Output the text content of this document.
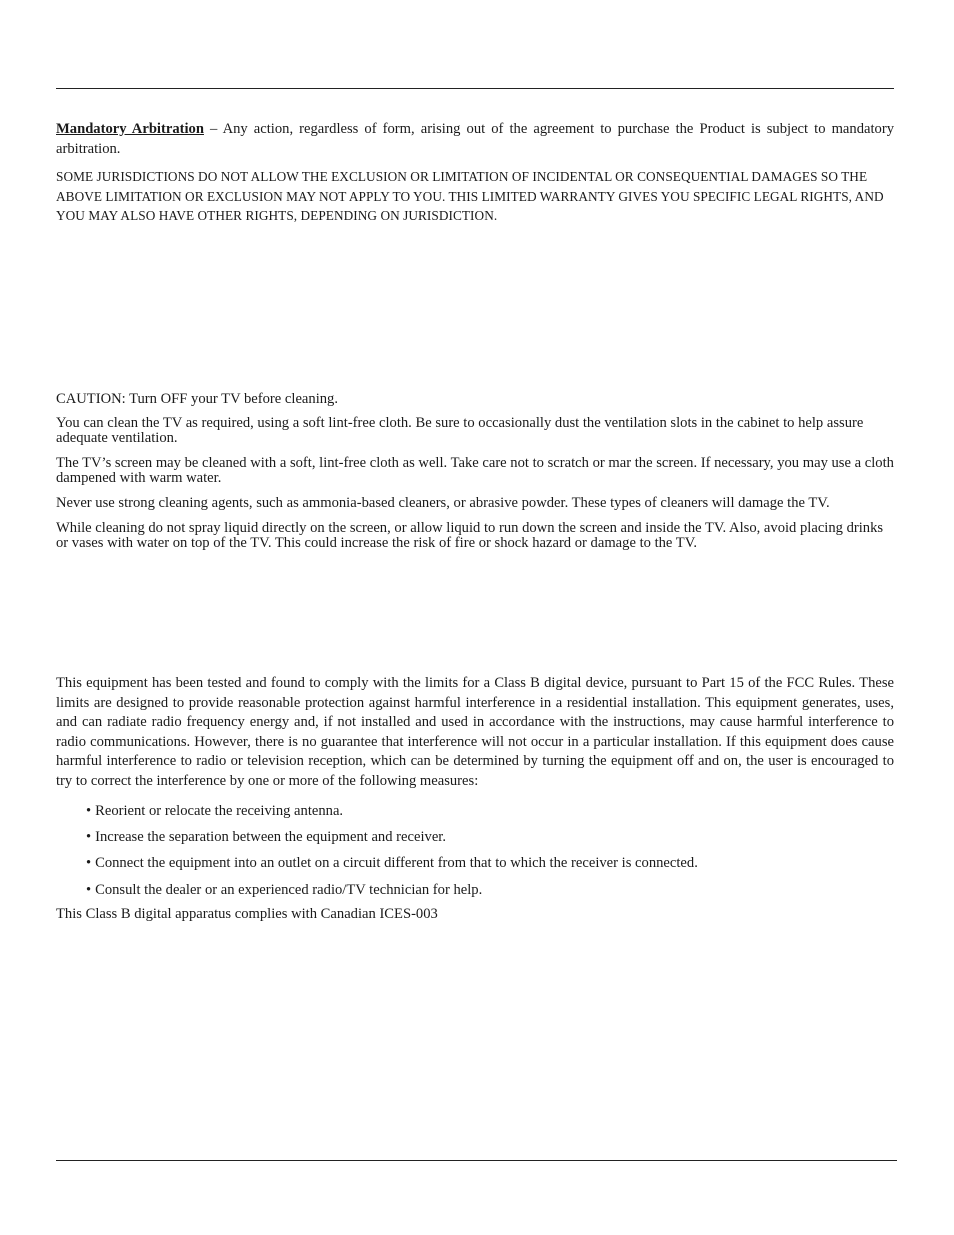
Mandatory Arbitration – Any action, regardless of form, arising out of the agreement to purchase the Product is subject to mandatory arbitration.

SOME JURISDICTIONS DO NOT ALLOW THE EXCLUSION OR LIMITATION OF INCIDENTAL OR CONSEQUENTIAL DAMAGES SO THE ABOVE LIMITATION OR EXCLUSION MAY NOT APPLY TO YOU. THIS LIMITED WARRANTY GIVES YOU SPECIFIC LEGAL RIGHTS, AND YOU MAY ALSO HAVE OTHER RIGHTS, DEPENDING ON JURISDICTION.

CAUTION: Turn OFF your TV before cleaning.

You can clean the TV as required, using a soft lint-free cloth. Be sure to occasionally dust the ventilation slots in the cabinet to help assure adequate ventilation.

The TV’s screen may be cleaned with a soft, lint-free cloth as well. Take care not to scratch or mar the screen. If necessary, you may use a cloth dampened with warm water.

Never use strong cleaning agents, such as ammonia-based cleaners, or abrasive powder. These types of cleaners will damage the TV.

While cleaning do not spray liquid directly on the screen, or allow liquid to run down the screen and inside the TV. Also, avoid placing drinks or vases with water on top of the TV. This could increase the risk of fire or shock hazard or damage to the TV.

This equipment has been tested and found to comply with the limits for a Class B digital device, pursuant to Part 15 of the FCC Rules. These limits are designed to provide reasonable protection against harmful interference in a residential installation. This equipment generates, uses, and can radiate radio frequency energy and, if not installed and used in accordance with the instructions, may cause harmful interference to radio communications. However, there is no guarantee that interference will not occur in a particular installation. If this equipment does cause harmful interference to radio or television reception, which can be determined by turning the equipment off and on, the user is encouraged to try to correct the interference by one or more of the following measures:

• Reorient or relocate the receiving antenna.
• Increase the separation between the equipment and receiver.
• Connect the equipment into an outlet on a circuit different from that to which the receiver is connected.
• Consult the dealer or an experienced radio/TV technician for help.

This Class B digital apparatus complies with Canadian ICES-003
